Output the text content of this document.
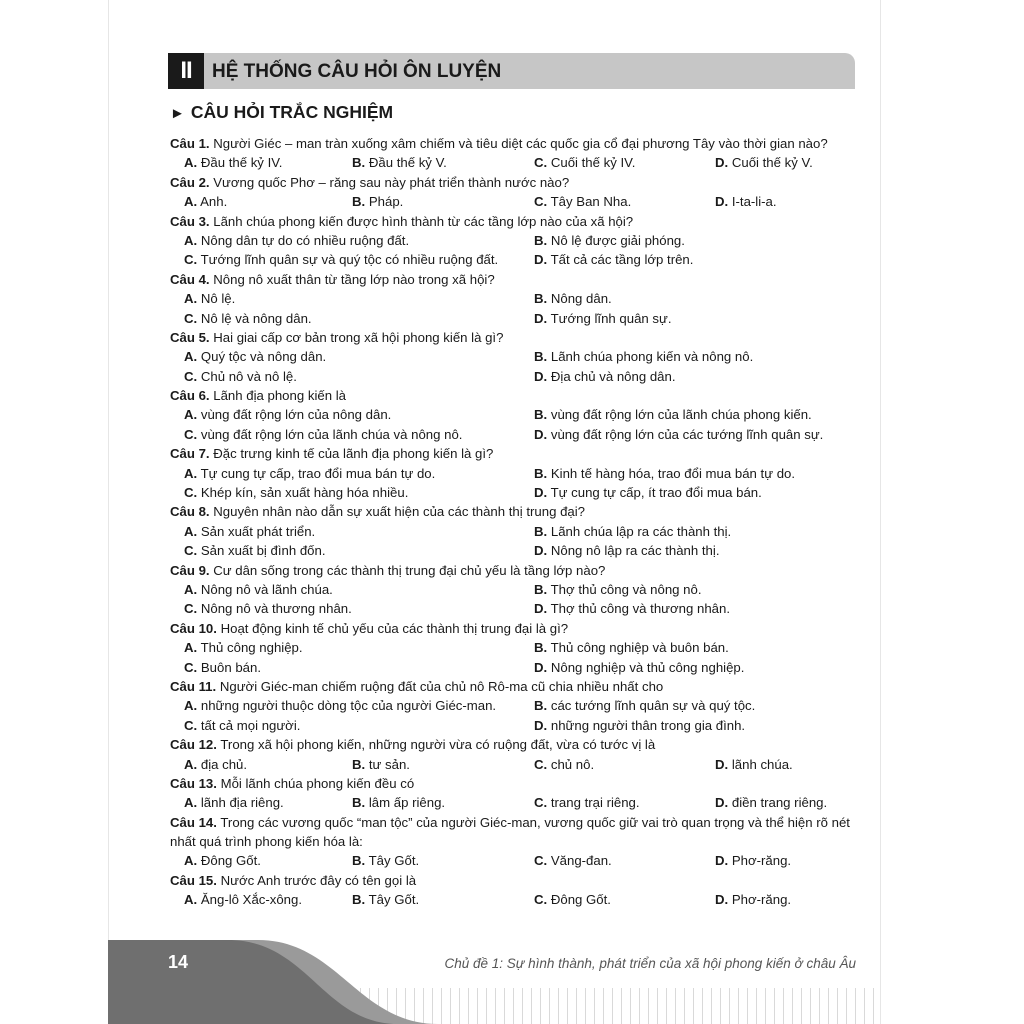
II	HỆ THỐNG CÂU HỎI ÔN LUYỆN
► CÂU HỎI TRẮC NGHIỆM
Câu 1. Người Giéc – man tràn xuống xâm chiếm và tiêu diệt các quốc gia cổ đại phương Tây vào thời gian nào?
A. Đầu thế kỷ IV.	B. Đầu thế kỷ V.	C. Cuối thế kỷ IV.	D. Cuối thế kỷ V.
Câu 2. Vương quốc Phơ – răng sau này phát triển thành nước nào?
A. Anh.	B. Pháp.	C. Tây Ban Nha.	D. I-ta-li-a.
Câu 3. Lãnh chúa phong kiến được hình thành từ các tầng lớp nào của xã hội?
A. Nông dân tự do có nhiều ruộng đất.	B. Nô lệ được giải phóng.
C. Tướng lĩnh quân sự và quý tộc có nhiều ruộng đất.	D. Tất cả các tầng lớp trên.
Câu 4. Nông nô xuất thân từ tầng lớp nào trong xã hội?
A. Nô lệ.	B. Nông dân.
C. Nô lệ và nông dân.	D. Tướng lĩnh quân sự.
Câu 5. Hai giai cấp cơ bản trong xã hội phong kiến là gì?
A. Quý tộc và nông dân.	B. Lãnh chúa phong kiến và nông nô.
C. Chủ nô và nô lệ.	D. Địa chủ và nông dân.
Câu 6. Lãnh địa phong kiến là
A. vùng đất rộng lớn của nông dân.	B. vùng đất rộng lớn của lãnh chúa phong kiến.
C. vùng đất rộng lớn của lãnh chúa và nông nô.	D. vùng đất rộng lớn của các tướng lĩnh quân sự.
Câu 7. Đặc trưng kinh tế của lãnh địa phong kiến là gì?
A. Tự cung tự cấp, trao đổi mua bán tự do.	B. Kinh tế hàng hóa, trao đổi mua bán tự do.
C. Khép kín, sản xuất hàng hóa nhiều.	D. Tự cung tự cấp, ít trao đổi mua bán.
Câu 8. Nguyên nhân nào dẫn sự xuất hiện của các thành thị trung đại?
A. Sản xuất phát triển.	B. Lãnh chúa lập ra các thành thị.
C. Sản xuất bị đình đốn.	D. Nông nô lập ra các thành thị.
Câu 9. Cư dân sống trong các thành thị trung đại chủ yếu là tầng lớp nào?
A. Nông nô và lãnh chúa.	B. Thợ thủ công và nông nô.
C. Nông nô và thương nhân.	D. Thợ thủ công và thương nhân.
Câu 10. Hoạt động kinh tế chủ yếu của các thành thị trung đại là gì?
A. Thủ công nghiệp.	B. Thủ công nghiệp và buôn bán.
C. Buôn bán.	D. Nông nghiệp và thủ công nghiệp.
Câu 11. Người Giéc-man chiếm ruộng đất của chủ nô Rô-ma cũ chia nhiều nhất cho
A. những người thuộc dòng tộc của người Giéc-man.	B. các tướng lĩnh quân sự và quý tộc.
C. tất cả mọi người.	D. những người thân trong gia đình.
Câu 12. Trong xã hội phong kiến, những người vừa có ruộng đất, vừa có tước vị là
A. địa chủ.	B. tư sản.	C. chủ nô.	D. lãnh chúa.
Câu 13. Mỗi lãnh chúa phong kiến đều có
A. lãnh địa riêng.	B. lâm ấp riêng.	C. trang trại riêng.	D. điền trang riêng.
Câu 14. Trong các vương quốc “man tộc” của người Giéc-man, vương quốc giữ vai trò quan trọng và thể hiện rõ nét nhất quá trình phong kiến hóa là:
A. Đông Gốt.	B. Tây Gốt.	C. Văng-đan.	D. Phơ-răng.
Câu 15. Nước Anh trước đây có tên gọi là
A. Ăng-lô Xắc-xông.	B. Tây Gốt.	C. Đông Gốt.	D. Phơ-răng.
14	Chủ đề 1: Sự hình thành, phát triển của xã hội phong kiến ở châu Âu
